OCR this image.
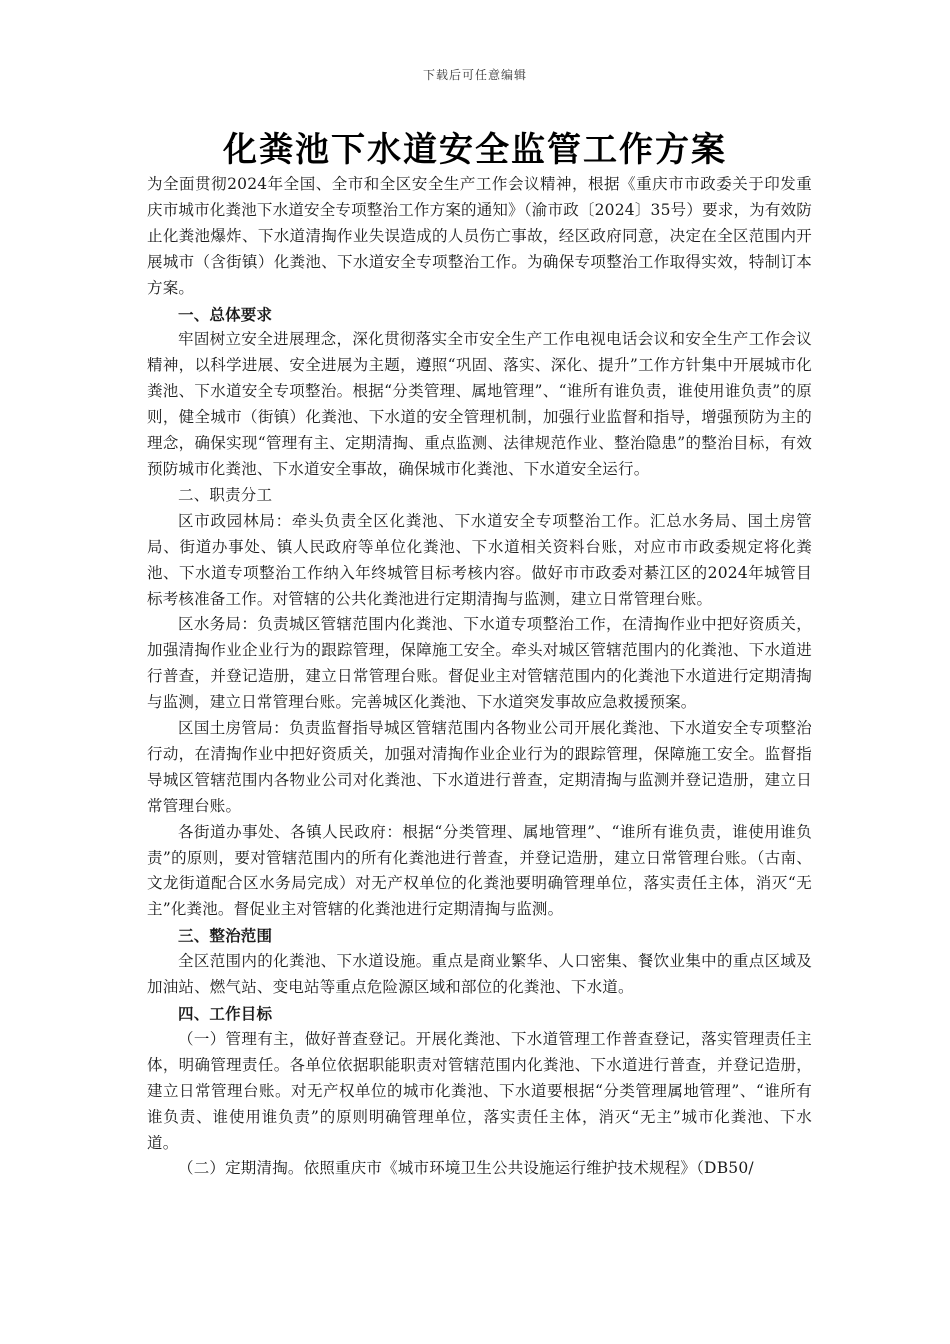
下载后可任意编辑
化粪池下水道安全监管工作方案

为全面贯彻2024年全国、全市和全区安全生产工作会议精神，根据《重庆市市政委关于印发重庆市城市化粪池下水道安全专项整治工作方案的通知》（渝市政〔2024〕35号）要求，为有效防止化粪池爆炸、下水道清掏作业失误造成的人员伤亡事故，经区政府同意，决定在全区范围内开展城市（含街镇）化粪池、下水道安全专项整治工作。为确保专项整治工作取得实效，特制订本方案。

一、总体要求

牢固树立安全进展理念，深化贯彻落实全市安全生产工作电视电话会议和安全生产工作会议精神，以科学进展、安全进展为主题，遵照“巩固、落实、深化、提升”工作方针集中开展城市化粪池、下水道安全专项整治。根据“分类管理、属地管理”、“谁所有谁负责，谁使用谁负责”的原则，健全城市（街镇）化粪池、下水道的安全管理机制，加强行业监督和指导，增强预防为主的理念，确保实现“管理有主、定期清掏、重点监测、法律规范作业、整治隐患”的整治目标，有效预防城市化粪池、下水道安全事故，确保城市化粪池、下水道安全运行。

二、职责分工

区市政园林局：牵头负责全区化粪池、下水道安全专项整治工作。汇总水务局、国土房管局、街道办事处、镇人民政府等单位化粪池、下水道相关资料台账，对应市市政委规定将化粪池、下水道专项整治工作纳入年终城管目标考核内容。做好市市政委对綦江区的2024年城管目标考核准备工作。对管辖的公共化粪池进行定期清掏与监测，建立日常管理台账。

区水务局：负责城区管辖范围内化粪池、下水道专项整治工作，在清掏作业中把好资质关，加强清掏作业企业行为的跟踪管理，保障施工安全。牵头对城区管辖范围内的化粪池、下水道进行普查，并登记造册，建立日常管理台账。督促业主对管辖范围内的化粪池下水道进行定期清掏与监测，建立日常管理台账。完善城区化粪池、下水道突发事故应急救援预案。

区国土房管局：负责监督指导城区管辖范围内各物业公司开展化粪池、下水道安全专项整治行动，在清掏作业中把好资质关，加强对清掏作业企业行为的跟踪管理，保障施工安全。监督指导城区管辖范围内各物业公司对化粪池、下水道进行普查，定期清掏与监测并登记造册，建立日常管理台账。

各街道办事处、各镇人民政府：根据“分类管理、属地管理”、“谁所有谁负责，谁使用谁负责”的原则，要对管辖范围内的所有化粪池进行普查，并登记造册，建立日常管理台账。（古南、文龙街道配合区水务局完成）对无产权单位的化粪池要明确管理单位，落实责任主体，消灭“无主”化粪池。督促业主对管辖的化粪池进行定期清掏与监测。

三、整治范围

全区范围内的化粪池、下水道设施。重点是商业繁华、人口密集、餐饮业集中的重点区域及加油站、燃气站、变电站等重点危险源区域和部位的化粪池、下水道。

四、工作目标

（一）管理有主，做好普查登记。开展化粪池、下水道管理工作普查登记，落实管理责任主体，明确管理责任。各单位依据职能职责对管辖范围内化粪池、下水道进行普查，并登记造册，建立日常管理台账。对无产权单位的城市化粪池、下水道要根据“分类管理属地管理”、“谁所有谁负责、谁使用谁负责”的原则明确管理单位，落实责任主体，消灭“无主”城市化粪池、下水道。

（二）定期清掏。依照重庆市《城市环境卫生公共设施运行维护技术规程》（DB50/
